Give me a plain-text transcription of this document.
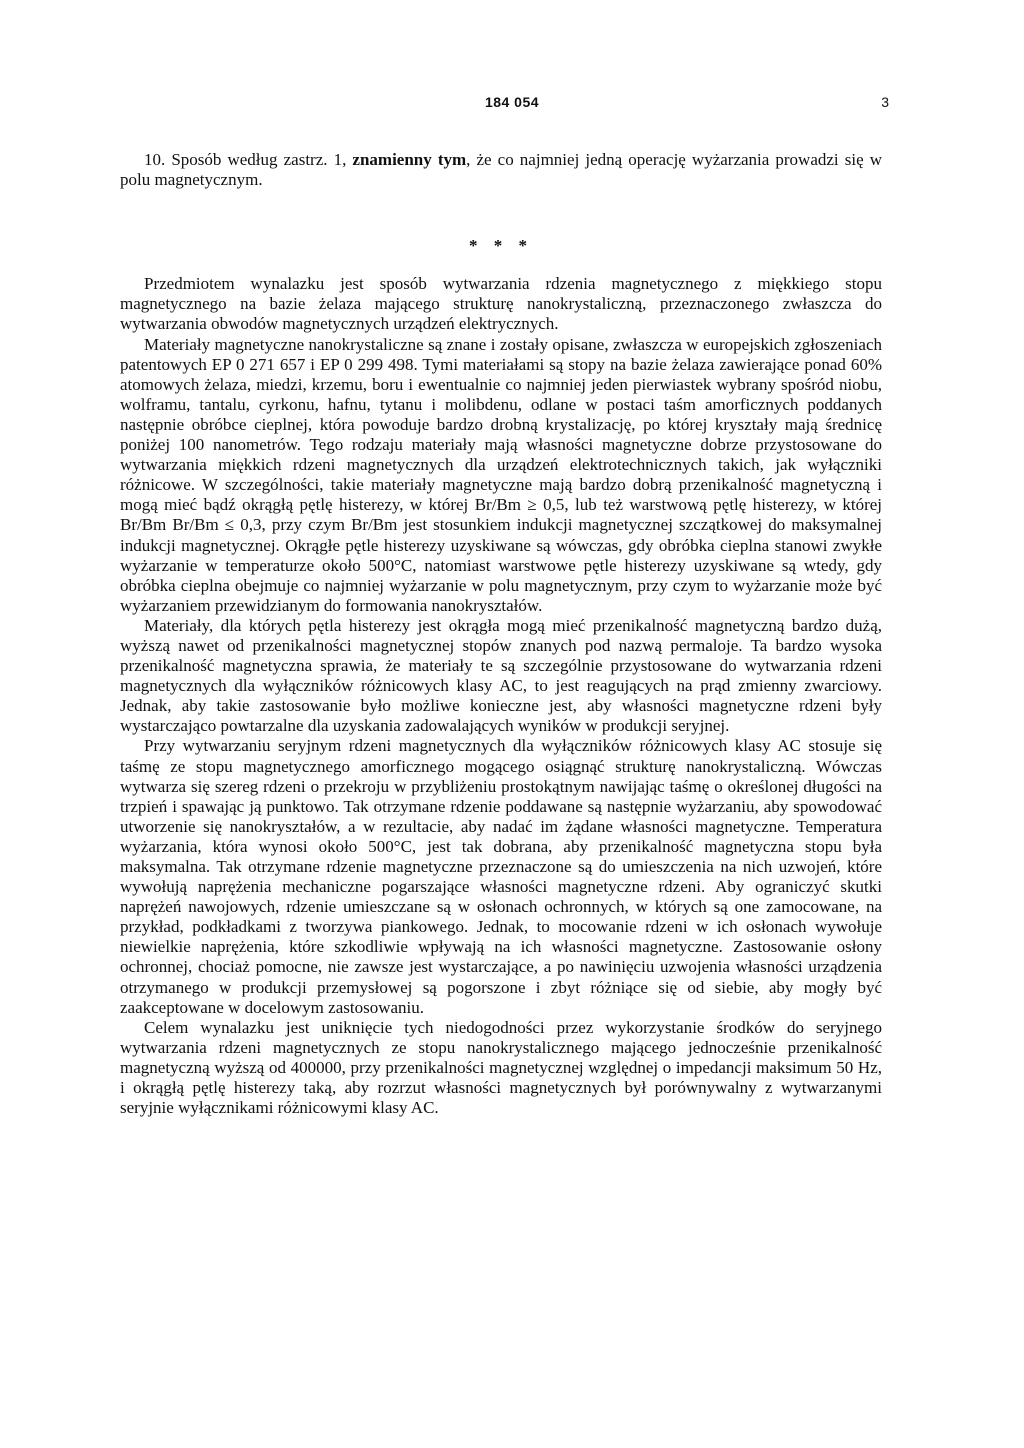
184 054	3

10. Sposób według zastrz. 1, znamienny tym, że co najmniej jedną operację wyżarzania prowadzi się w polu magnetycznym.

* * *

Przedmiotem wynalazku jest sposób wytwarzania rdzenia magnetycznego z miękkiego stopu magnetycznego na bazie żelaza mającego strukturę nanokrystaliczną, przeznaczonego zwłaszcza do wytwarzania obwodów magnetycznych urządzeń elektrycznych.

Materiały magnetyczne nanokrystaliczne są znane i zostały opisane, zwłaszcza w europejskich zgłoszeniach patentowych EP 0 271 657 i EP 0 299 498. Tymi materiałami są stopy na bazie żelaza zawierające ponad 60% atomowych żelaza, miedzi, krzemu, boru i ewentualnie co najmniej jeden pierwiastek wybrany spośród niobu, wolframu, tantalu, cyrkonu, hafnu, tytanu i molibdenu, odlane w postaci taśm amorficznych poddanych następnie obróbce cieplnej, która powoduje bardzo drobną krystalizację, po której kryształy mają średnicę poniżej 100 nanometrów. Tego rodzaju materiały mają własności magnetyczne dobrze przystosowane do wytwarzania miękkich rdzeni magnetycznych dla urządzeń elektrotechnicznych takich, jak wyłączniki różnicowe. W szczególności, takie materiały magnetyczne mają bardzo dobrą przenikalność magnetyczną i mogą mieć bądź okrągłą pętlę histerezy, w której Br/Bm ≥ 0,5, lub też warstwową pętlę histerezy, w której Br/Bm Br/Bm ≤ 0,3, przy czym Br/Bm jest stosunkiem indukcji magnetycznej szczątkowej do maksymalnej indukcji magnetycznej. Okrągłe pętle histerezy uzyskiwane są wówczas, gdy obróbka cieplna stanowi zwykłe wyżarzanie w temperaturze około 500°C, natomiast warstwowe pętle histerezy uzyskiwane są wtedy, gdy obróbka cieplna obejmuje co najmniej wyżarzanie w polu magnetycznym, przy czym to wyżarzanie może być wyżarzaniem przewidzianym do formowania nanokryształów.

Materiały, dla których pętla histerezy jest okrągła mogą mieć przenikalność magnetyczną bardzo dużą, wyższą nawet od przenikalności magnetycznej stopów znanych pod nazwą permaloje. Ta bardzo wysoka przenikalność magnetyczna sprawia, że materiały te są szczególnie przystosowane do wytwarzania rdzeni magnetycznych dla wyłączników różnicowych klasy AC, to jest reagujących na prąd zmienny zwarciowy. Jednak, aby takie zastosowanie było możliwe konieczne jest, aby własności magnetyczne rdzeni były wystarczająco powtarzalne dla uzyskania zadowalających wyników w produkcji seryjnej.

Przy wytwarzaniu seryjnym rdzeni magnetycznych dla wyłączników różnicowych klasy AC stosuje się taśmę ze stopu magnetycznego amorficznego mogącego osiągnąć strukturę nanokrystaliczną. Wówczas wytwarza się szereg rdzeni o przekroju w przybliżeniu prostokątnym nawijając taśmę o określonej długości na trzpień i spawając ją punktowo. Tak otrzymane rdzenie poddawane są następnie wyżarzaniu, aby spowodować utworzenie się nanokryształów, a w rezultacie, aby nadać im żądane własności magnetyczne. Temperatura wyżarzania, która wynosi około 500°C, jest tak dobrana, aby przenikalność magnetyczna stopu była maksymalna. Tak otrzymane rdzenie magnetyczne przeznaczone są do umieszczenia na nich uzwojeń, które wywołują naprężenia mechaniczne pogarszające własności magnetyczne rdzeni. Aby ograniczyć skutki naprężeń nawojowych, rdzenie umieszczane są w osłonach ochronnych, w których są one zamocowane, na przykład, podkładkami z tworzywa piankowego. Jednak, to mocowanie rdzeni w ich osłonach wywołuje niewielkie naprężenia, które szkodliwie wpływają na ich własności magnetyczne. Zastosowanie osłony ochronnej, chociaż pomocne, nie zawsze jest wystarczające, a po nawinięciu uzwojenia własności urządzenia otrzymanego w produkcji przemysłowej są pogorszone i zbyt różniące się od siebie, aby mogły być zaakceptowane w docelowym zastosowaniu.

Celem wynalazku jest uniknięcie tych niedogodności przez wykorzystanie środków do seryjnego wytwarzania rdzeni magnetycznych ze stopu nanokrystalicznego mającego jednocześnie przenikalność magnetyczną wyższą od 400000, przy przenikalności magnetycznej względnej o impedancji maksimum 50 Hz, i okrągłą pętlę histerezy taką, aby rozrzut własności magnetycznych był porównywalny z wytwarzanymi seryjnie wyłącznikami różnicowymi klasy AC.
